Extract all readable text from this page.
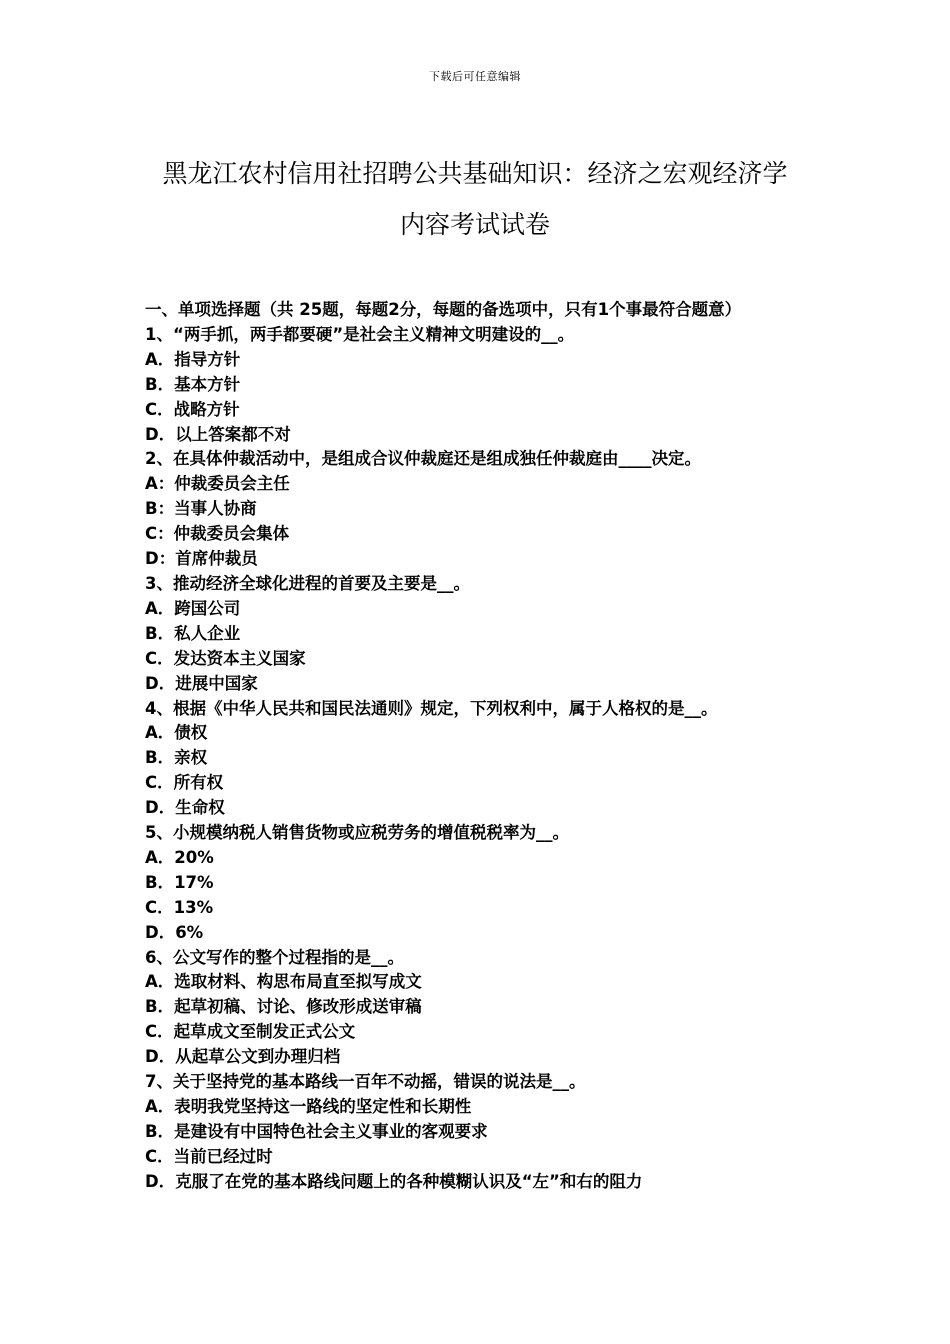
下载后可任意编辑
黑龙江农村信用社招聘公共基础知识：经济之宏观经济学
内容考试试卷

一、单项选择题（共 25题，每题2分，每题的备选项中，只有1个事最符合题意）

1、“两手抓，两手都要硬”是社会主义精神文明建设的__。
A．指导方针
B．基本方针
C．战略方针
D．以上答案都不对
2、在具体仲裁活动中，是组成合议仲裁庭还是组成独任仲裁庭由____决定。
A：仲裁委员会主任
B：当事人协商
C：仲裁委员会集体
D：首席仲裁员
3、推动经济全球化进程的首要及主要是__。
A．跨国公司
B．私人企业
C．发达资本主义国家
D．进展中国家
4、根据《中华人民共和国民法通则》规定，下列权利中，属于人格权的是__。
A．债权
B．亲权
C．所有权
D．生命权
5、小规模纳税人销售货物或应税劳务的增值税税率为__。
A．20%
B．17%
C．13%
D．6%
6、公文写作的整个过程指的是__。
A．选取材料、构思布局直至拟写成文
B．起草初稿、讨论、修改形成送审稿
C．起草成文至制发正式公文
D．从起草公文到办理归档
7、关于坚持党的基本路线一百年不动摇，错误的说法是__。
A．表明我党坚持这一路线的坚定性和长期性
B．是建设有中国特色社会主义事业的客观要求
C．当前已经过时
D．克服了在党的基本路线问题上的各种模糊认识及“左”和右的阻力
